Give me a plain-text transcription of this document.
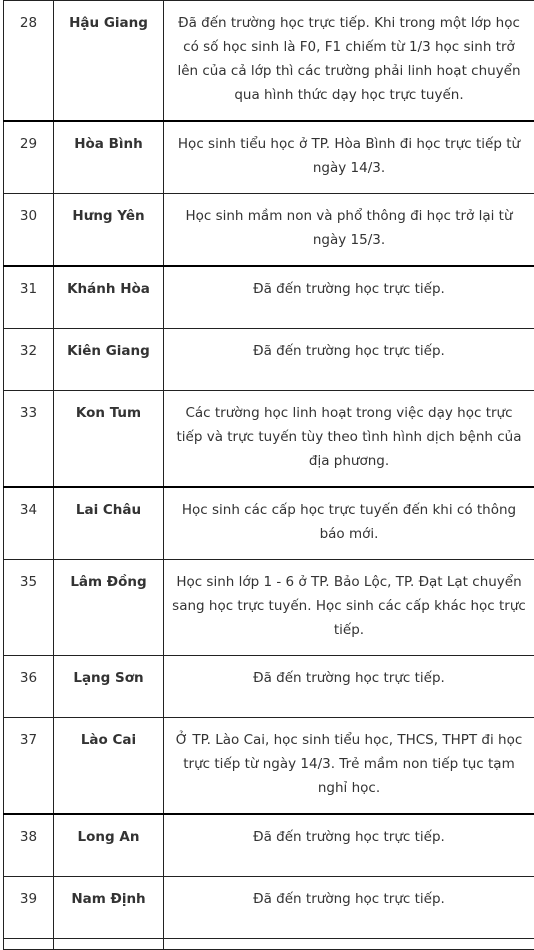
28	Hậu Giang	Đã đến trường học trực tiếp. Khi trong một lớp học có số học sinh là F0, F1 chiếm từ 1/3 học sinh trở lên của cả lớp thì các trường phải linh hoạt chuyển qua hình thức dạy học trực tuyến.
29	Hòa Bình	Học sinh tiểu học ở TP. Hòa Bình đi học trực tiếp từ ngày 14/3.
30	Hưng Yên	Học sinh mầm non và phổ thông đi học trở lại từ ngày 15/3.
31	Khánh Hòa	Đã đến trường học trực tiếp.
32	Kiên Giang	Đã đến trường học trực tiếp.
33	Kon Tum	Các trường học linh hoạt trong việc dạy học trực tiếp và trực tuyến tùy theo tình hình dịch bệnh của địa phương.
34	Lai Châu	Học sinh các cấp học trực tuyến đến khi có thông báo mới.
35	Lâm Đồng	Học sinh lớp 1 - 6 ở TP. Bảo Lộc, TP. Đạt Lạt chuyển sang học trực tuyến. Học sinh các cấp khác học trực tiếp.
36	Lạng Sơn	Đã đến trường học trực tiếp.
37	Lào Cai	Ở TP. Lào Cai, học sinh tiểu học, THCS, THPT đi học trực tiếp từ ngày 14/3. Trẻ mầm non tiếp tục tạm nghỉ học.
38	Long An	Đã đến trường học trực tiếp.
39	Nam Định	Đã đến trường học trực tiếp.
